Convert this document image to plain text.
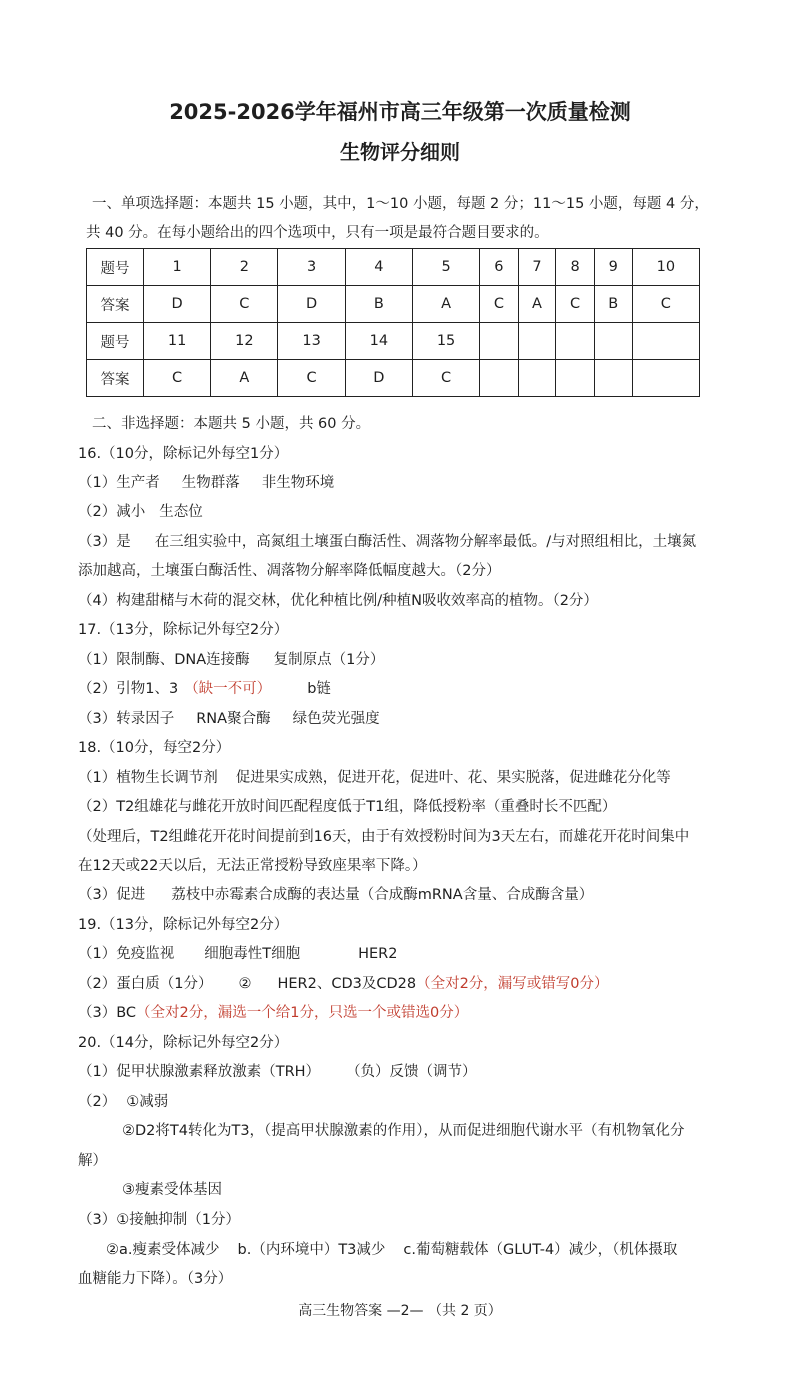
2025-2026学年福州市高三年级第一次质量检测
生物评分细则
一、单项选择题：本题共 15 小题，其中，1～10 小题，每题 2 分；11～15 小题，每题 4 分，
共 40 分。在每小题给出的四个选项中，只有一项是最符合题目要求的。
题号	1	2	3	4	5	6	7	8	9	10
答案	D	C	D	B	A	C	A	C	B	C
题号	11	12	13	14	15					
答案	C	A	C	D	C					
二、非选择题：本题共 5 小题，共 60 分。
16.（10分，除标记外每空1分）
（1）生产者 生物群落 非生物环境
（2）减小 生态位
（3）是 在三组实验中，高氮组土壤蛋白酶活性、凋落物分解率最低。/与对照组相比，土壤氮
添加越高，土壤蛋白酶活性、凋落物分解率降低幅度越大。（2分）
（4）构建甜槠与木荷的混交林，优化种植比例/种植N吸收效率高的植物。（2分）
17.（13分，除标记外每空2分）
（1）限制酶、DNA连接酶 复制原点（1分）
（2）引物1、3 （缺一不可） b链
（3）转录因子 RNA聚合酶 绿色荧光强度
18.（10分，每空2分）
（1）植物生长调节剂 促进果实成熟，促进开花，促进叶、花、果实脱落，促进雌花分化等
（2）T2组雄花与雌花开放时间匹配程度低于T1组，降低授粉率（重叠时长不匹配）
（处理后，T2组雌花开花时间提前到16天，由于有效授粉时间为3天左右，而雄花开花时间集中
在12天或22天以后，无法正常授粉导致座果率下降。）
（3）促进 荔枝中赤霉素合成酶的表达量（合成酶mRNA含量、合成酶含量）
19.（13分，除标记外每空2分）
（1）免疫监视 细胞毒性T细胞	HER2
（2）蛋白质（1分） ② HER2、CD3及CD28（全对2分，漏写或错写0分）
（3）BC（全对2分，漏选一个给1分，只选一个或错选0分）
20.（14分，除标记外每空2分）
（1）促甲状腺激素释放激素（TRH） （负）反馈（调节）
（2） ①减弱
②D2将T4转化为T3，（提高甲状腺激素的作用），从而促进细胞代谢水平（有机物氧化分
解）
③瘦素受体基因
（3）①接触抑制（1分）
②a.瘦素受体减少 b.（内环境中）T3减少 c.葡萄糖载体（GLUT-4）减少，（机体摄取
血糖能力下降）。（3分）
高三生物答案 —2— （共 2 页）
